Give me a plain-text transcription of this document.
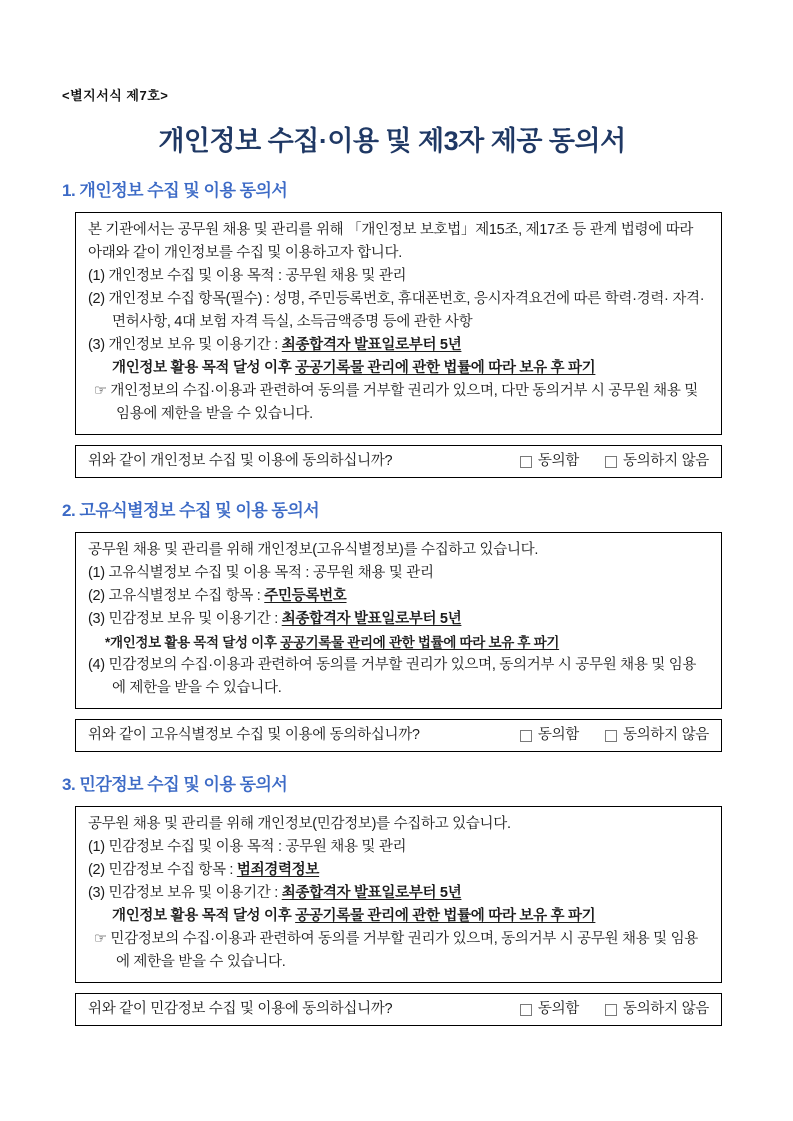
<별지서식 제7호>
개인정보 수집·이용 및 제3자 제공 동의서
1. 개인정보 수집 및 이용 동의서
본 기관에서는 공무원 채용 및 관리를 위해 「개인정보 보호법」제15조, 제17조 등 관계 법령에 따라 아래와 같이 개인정보를 수집 및 이용하고자 합니다.
(1) 개인정보 수집 및 이용 목적 : 공무원 채용 및 관리
(2) 개인정보 수집 항목(필수) : 성명, 주민등록번호, 휴대폰번호, 응시자격요건에 따른 학력·경력· 자격·면허사항, 4대 보험 자격 득실, 소득금액증명 등에 관한 사항
(3) 개인정보 보유 및 이용기간 : 최종합격자 발표일로부터 5년
개인정보 활용 목적 달성 이후 공공기록물 관리에 관한 법률에 따라 보유 후 파기
☞ 개인정보의 수집·이용과 관련하여 동의를 거부할 권리가 있으며, 다만 동의거부 시 공무원 채용 및 임용에 제한을 받을 수 있습니다.
위와 같이 개인정보 수집 및 이용에 동의하십니까?	동의함	동의하지 않음
2. 고유식별정보 수집 및 이용 동의서
공무원 채용 및 관리를 위해 개인정보(고유식별정보)를 수집하고 있습니다.
(1) 고유식별정보 수집 및 이용 목적 : 공무원 채용 및 관리
(2) 고유식별정보 수집 항목 : 주민등록번호
(3) 민감정보 보유 및 이용기간 : 최종합격자 발표일로부터 5년
*개인정보 활용 목적 달성 이후 공공기록물 관리에 관한 법률에 따라 보유 후 파기
(4) 민감정보의 수집·이용과 관련하여 동의를 거부할 권리가 있으며, 동의거부 시 공무원 채용 및 임용에 제한을 받을 수 있습니다.
위와 같이 고유식별정보 수집 및 이용에 동의하십니까?	동의함	동의하지 않음
3. 민감정보 수집 및 이용 동의서
공무원 채용 및 관리를 위해 개인정보(민감정보)를 수집하고 있습니다.
(1) 민감정보 수집 및 이용 목적 : 공무원 채용 및 관리
(2) 민감정보 수집 항목 : 범죄경력정보
(3) 민감정보 보유 및 이용기간 : 최종합격자 발표일로부터 5년
개인정보 활용 목적 달성 이후 공공기록물 관리에 관한 법률에 따라 보유 후 파기
☞ 민감정보의 수집·이용과 관련하여 동의를 거부할 권리가 있으며, 동의거부 시 공무원 채용 및 임용에 제한을 받을 수 있습니다.
위와 같이 민감정보 수집 및 이용에 동의하십니까?	동의함	동의하지 않음
